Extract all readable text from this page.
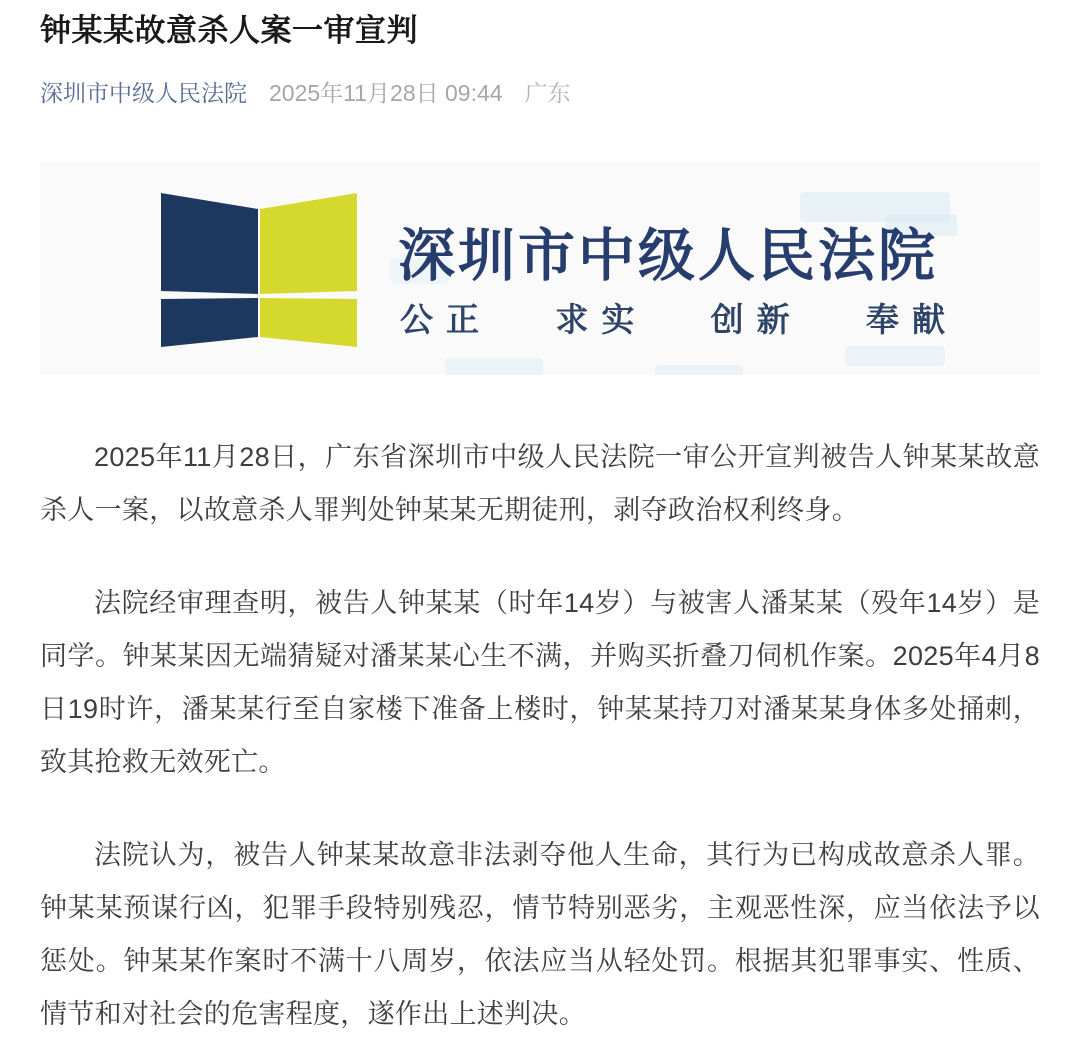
钟某某故意杀人案一审宣判
深圳市中级人民法院 2025年11月28日 09:44 广东
深圳市中级人民法院
公正 求实 创新 奉献

2025年11月28日，广东省深圳市中级人民法院一审公开宣判被告人钟某某故意杀人一案，以故意杀人罪判处钟某某无期徒刑，剥夺政治权利终身。

法院经审理查明，被告人钟某某（时年14岁）与被害人潘某某（殁年14岁）是同学。钟某某因无端猜疑对潘某某心生不满，并购买折叠刀伺机作案。2025年4月8日19时许，潘某某行至自家楼下准备上楼时，钟某某持刀对潘某某身体多处捅刺，致其抢救无效死亡。

法院认为，被告人钟某某故意非法剥夺他人生命，其行为已构成故意杀人罪。钟某某预谋行凶，犯罪手段特别残忍，情节特别恶劣，主观恶性深，应当依法予以惩处。钟某某作案时不满十八周岁，依法应当从轻处罚。根据其犯罪事实、性质、情节和对社会的危害程度，遂作出上述判决。
